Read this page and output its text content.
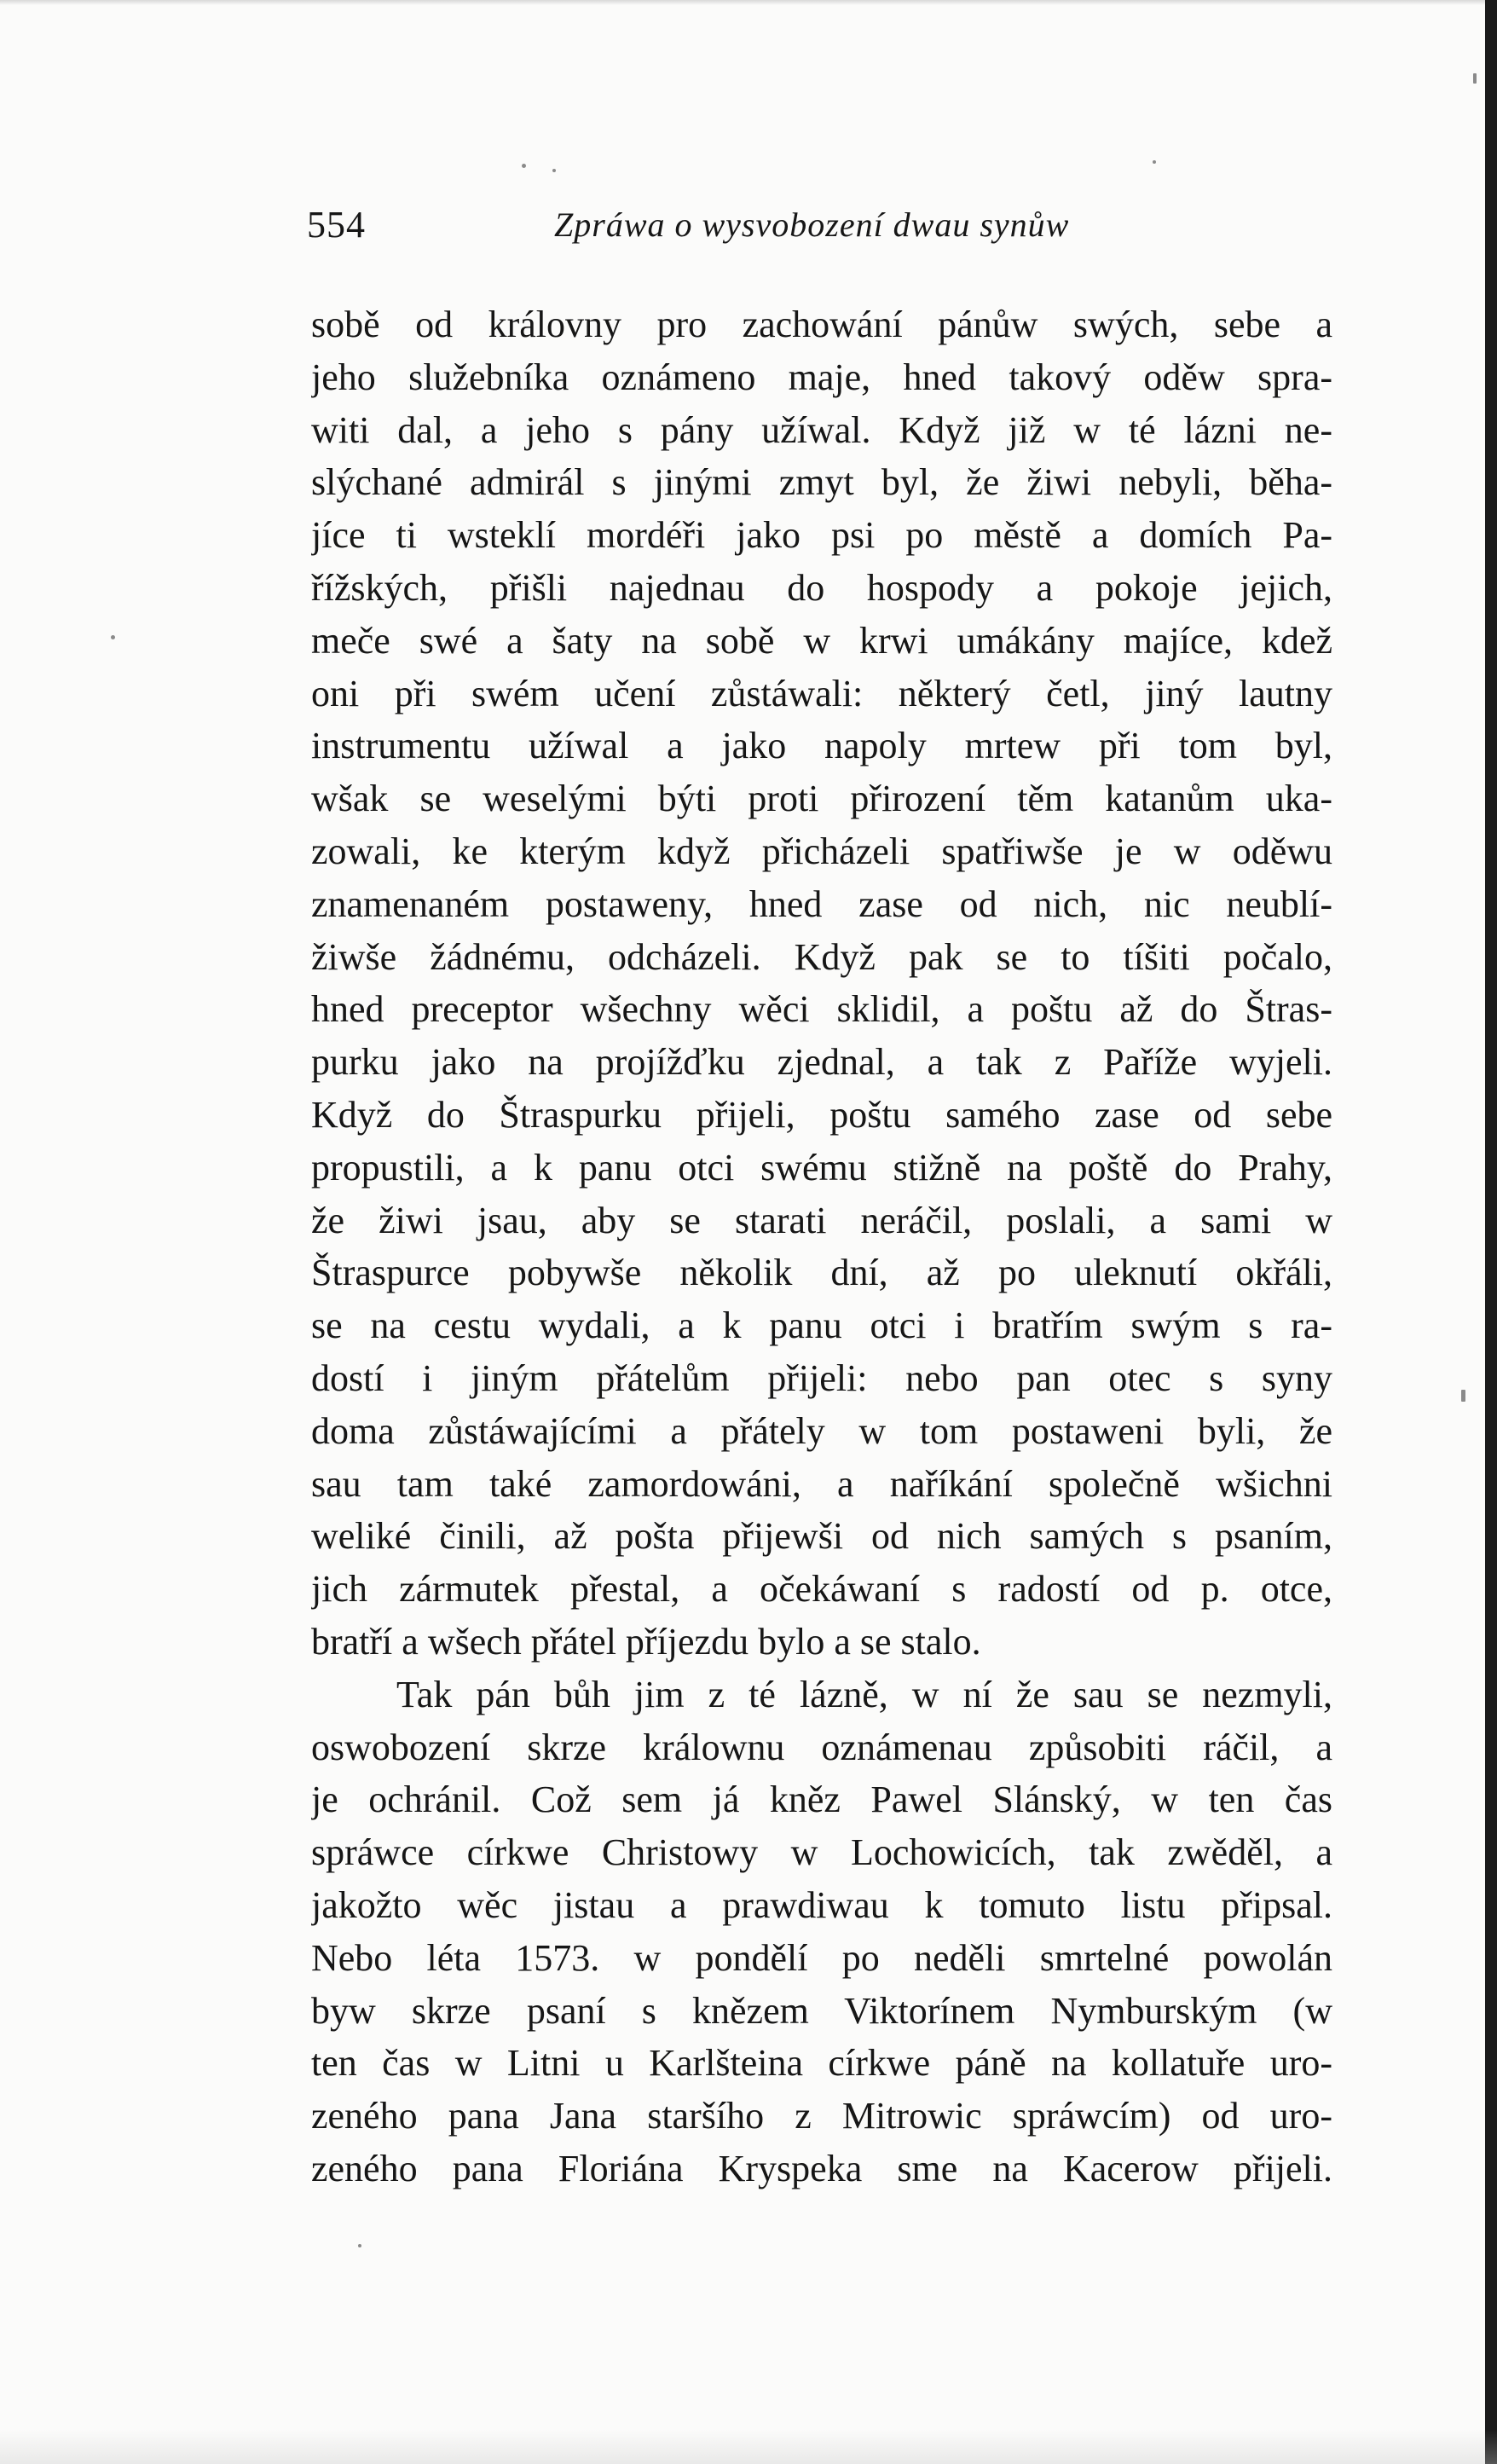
554	Zpráwa o wysvobození dwau synůw
sobě od královny pro zachowání pánůw swých, sebe a
jeho služebníka oznámeno maje, hned takový oděw spra-
witi dal, a jeho s pány užíwal. Když již w té lázni ne-
slýchané admirál s jinými zmyt byl, že žiwi nebyli, běha-
jíce ti wsteklí mordéři jako psi po městě a domích Pa-
řížských, přišli najednau do hospody a pokoje jejich,
meče swé a šaty na sobě w krwi umákány majíce, kdež
oni při swém učení zůstáwali: některý četl, jiný lautny
instrumentu užíwal a jako napoly mrtew při tom byl,
wšak se weselými býti proti přirození těm katanům uka-
zowali, ke kterým když přicházeli spatřiwše je w oděwu
znamenaném postaweny, hned zase od nich, nic neublí-
žiwše žádnému, odcházeli. Když pak se to tíšiti počalo,
hned preceptor wšechny wěci sklidil, a poštu až do Štras-
purku jako na projížďku zjednal, a tak z Paříže wyjeli.
Když do Štraspurku přijeli, poštu samého zase od sebe
propustili, a k panu otci swému stižně na poště do Prahy,
že žiwi jsau, aby se starati neráčil, poslali, a sami w
Štraspurce pobywše několik dní, až po uleknutí okřáli,
se na cestu wydali, a k panu otci i bratřím swým s ra-
dostí i jiným přátelům přijeli: nebo pan otec s syny
doma zůstáwajícími a přátely w tom postaweni byli, že
sau tam také zamordowáni, a naříkání společně wšichni
weliké činili, až pošta přijewši od nich samých s psaním,
jich zármutek přestal, a očekáwaní s radostí od p. otce,
bratří a wšech přátel příjezdu bylo a se stalo.
Tak pán bůh jim z té lázně, w ní že sau se nezmyli,
oswobození skrze králownu oznámenau způsobiti ráčil, a
je ochránil. Což sem já kněz Pawel Slánský, w ten čas
spráwce církwe Christowy w Lochowicích, tak zwěděl, a
jakožto wěc jistau a prawdiwau k tomuto listu připsal.
Nebo léta 1573. w pondělí po neděli smrtelné powolán
byw skrze psaní s knězem Viktorínem Nymburským (w
ten čas w Litni u Karlšteina církwe páně na kollatuře uro-
zeného pana Jana staršího z Mitrowic spráwcím) od uro-
zeného pana Floriána Kryspeka sme na Kacerow přijeli.
